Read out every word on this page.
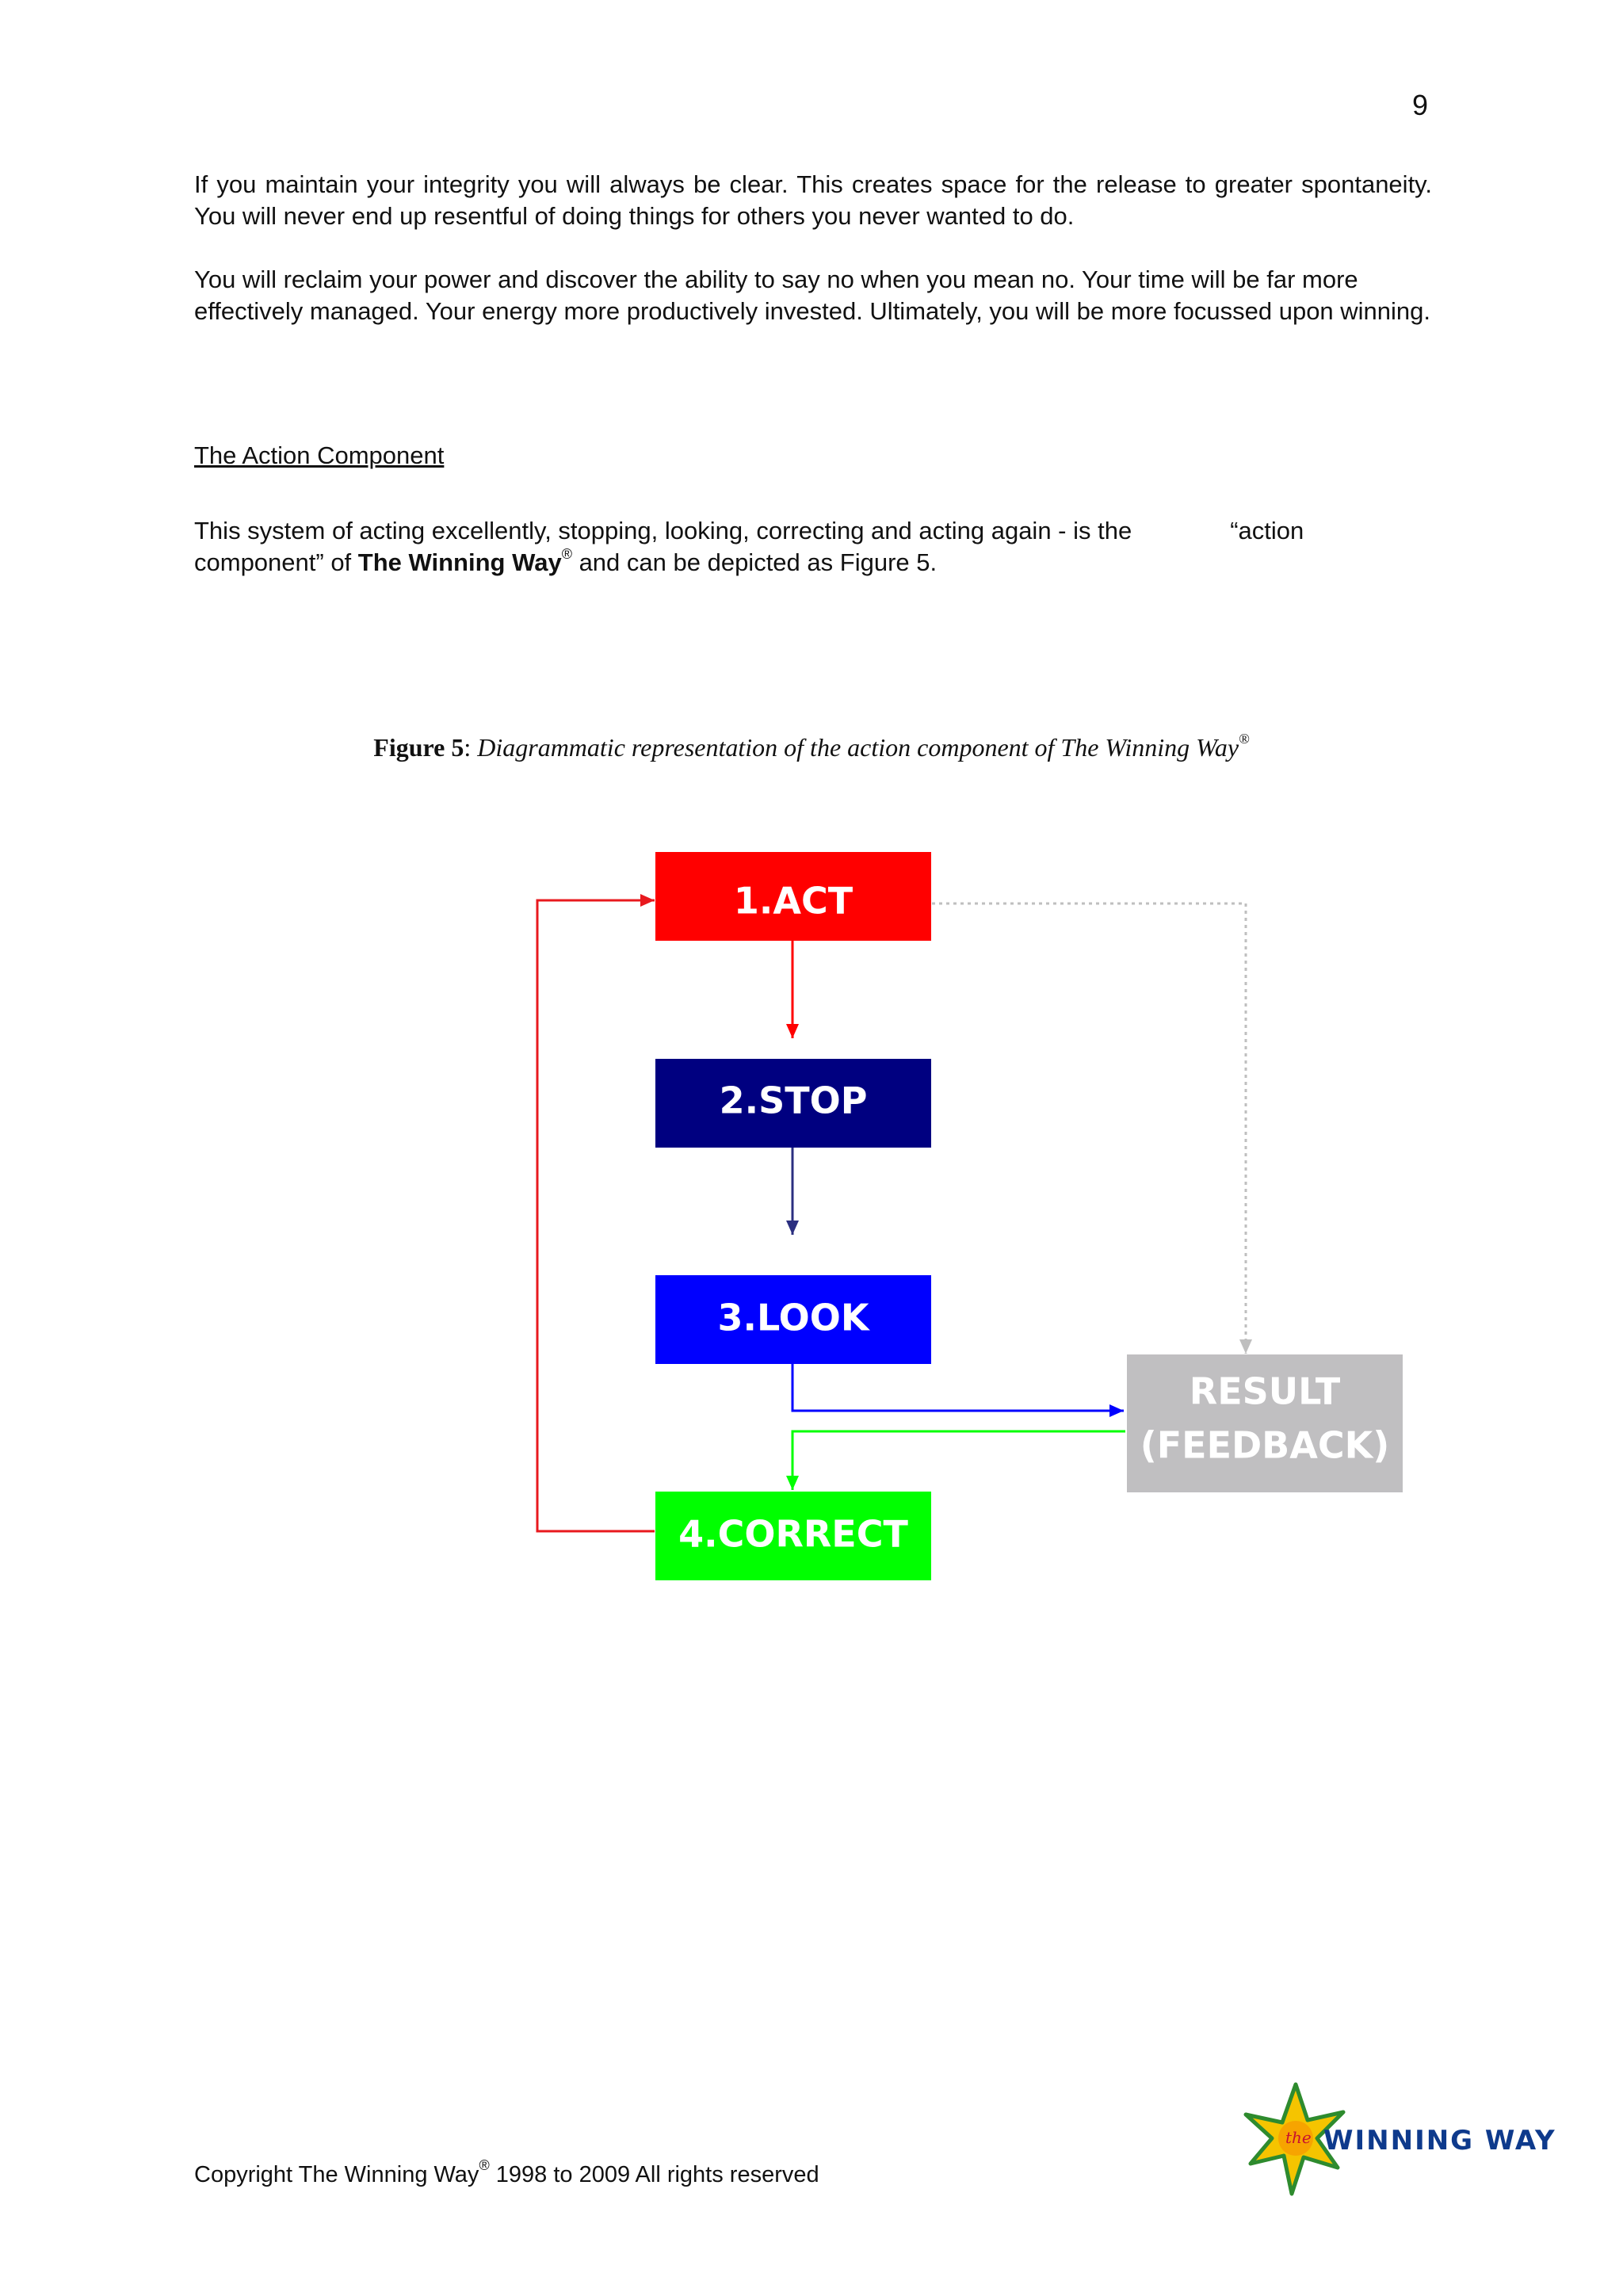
9

If you maintain your integrity you will always be clear. This creates space for the release to greater spontaneity. You will never end up resentful of doing things for others you never wanted to do.

You will reclaim your power and discover the ability to say no when you mean no. Your time will be far more effectively managed. Your energy more productively invested. Ultimately, you will be more focussed upon winning.

The Action Component

This system of acting excellently, stopping, looking, correcting and acting again - is the	“action component” of The Winning Way® and can be depicted as Figure 5.

Figure 5: Diagrammatic representation of the action component of The Winning Way®
1.ACT
2.STOP
3.LOOK
4.CORRECT
RESULT
(FEEDBACK)
Copyright The Winning Way® 1998 to 2009 All rights reserved
the WINNING WAY
